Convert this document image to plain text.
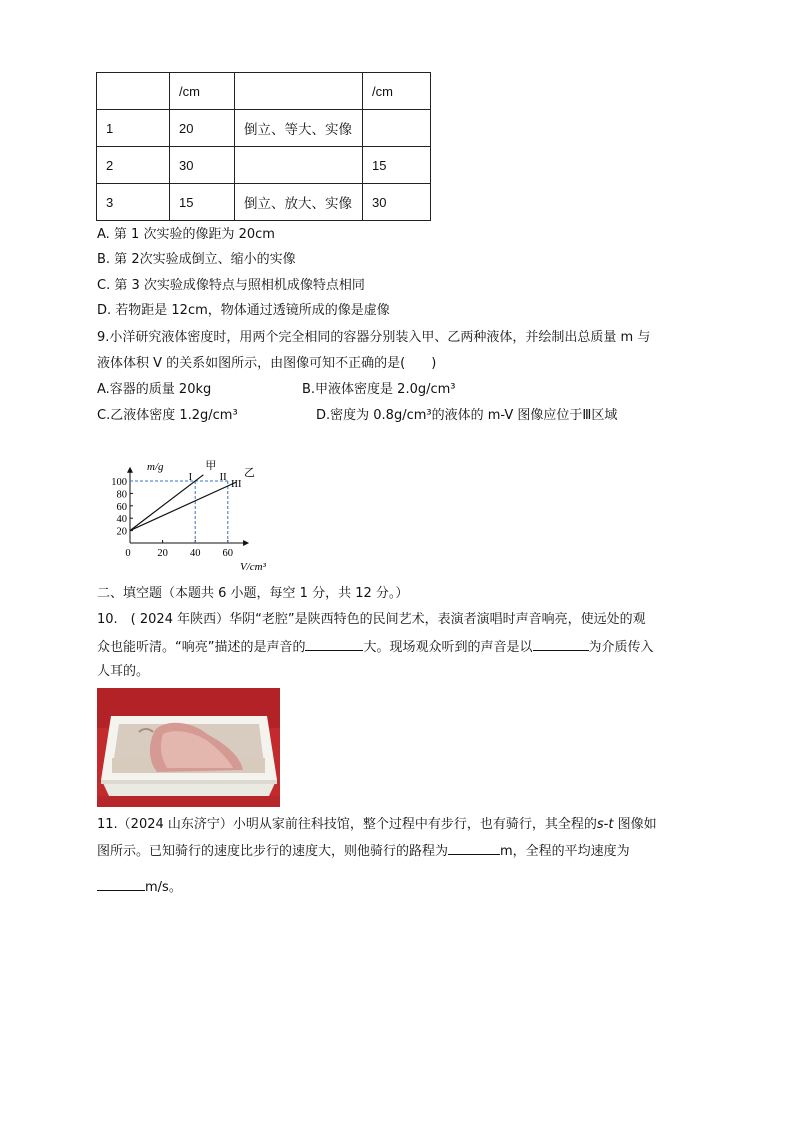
	/cm		/cm
1	20	倒立、等大、实像	
2	30		15
3	15	倒立、放大、实像	30
A. 第 1 次实验的像距为 20cm
B. 第 2次实验成倒立、缩小的实像
C. 第 3 次实验成像特点与照相机成像特点相同
D. 若物距是 12cm，物体通过透镜所成的像是虚像
9.小洋研究液体密度时，用两个完全相同的容器分别装入甲、乙两种液体，并绘制出总质量 m 与
液体体积 V 的关系如图所示，由图像可知不正确的是(　　)
A.容器的质量 20kg	B.甲液体密度是 2.0g/cm³
C.乙液体密度 1.2g/cm³	D.密度为 0.8g/cm³的液体的 m-V 图像应位于Ⅲ区域
m/g
V/cm³
20
40
60
80
100
0	20 40 60
甲
乙
I	II
III
二、填空题（本题共 6 小题，每空 1 分，共 12 分。）
10.　( 2024 年陕西）华阴“老腔”是陕西特色的民间艺术，表演者演唱时声音响亮，使远处的观
众也能听清。“响亮”描述的是声音的	大。现场观众听到的声音是以	为介质传入
人耳的。
11.（2024 山东济宁）小明从家前往科技馆，整个过程中有步行，也有骑行，其全程的s-t 图像如
图所示。已知骑行的速度比步行的速度大，则他骑行的路程为	m，全程的平均速度为
m/s。
